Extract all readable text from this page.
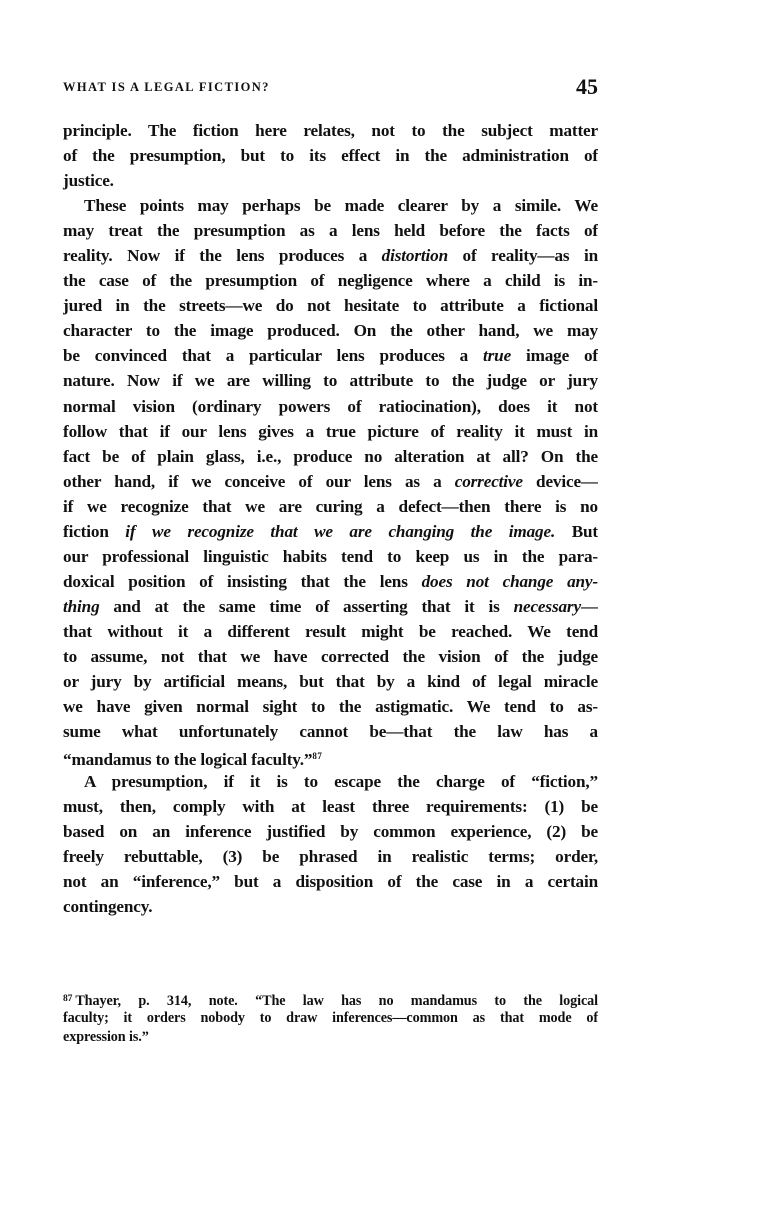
WHAT IS A LEGAL FICTION?	45
principle. The fiction here relates, not to the subject matter
of the presumption, but to its effect in the administration of
justice.
These points may perhaps be made clearer by a simile. We
may treat the presumption as a lens held before the facts of
reality. Now if the lens produces a distortion of reality—as in
the case of the presumption of negligence where a child is in-
jured in the streets—we do not hesitate to attribute a fictional
character to the image produced. On the other hand, we may
be convinced that a particular lens produces a true image of
nature. Now if we are willing to attribute to the judge or jury
normal vision (ordinary powers of ratiocination), does it not
follow that if our lens gives a true picture of reality it must in
fact be of plain glass, i.e., produce no alteration at all? On the
other hand, if we conceive of our lens as a corrective device—
if we recognize that we are curing a defect—then there is no
fiction if we recognize that we are changing the image. But
our professional linguistic habits tend to keep us in the para-
doxical position of insisting that the lens does not change any-
thing and at the same time of asserting that it is necessary—
that without it a different result might be reached. We tend
to assume, not that we have corrected the vision of the judge
or jury by artificial means, but that by a kind of legal miracle
we have given normal sight to the astigmatic. We tend to as-
sume what unfortunately cannot be—that the law has a
“mandamus to the logical faculty.”$^{87}$
A presumption, if it is to escape the charge of “fiction,”
must, then, comply with at least three requirements: (1) be
based on an inference justified by common experience, (2) be
freely rebuttable, (3) be phrased in realistic terms; order,
not an “inference,” but a disposition of the case in a certain
contingency.
$^{87}$ Thayer, p. 314, note. “The law has no mandamus to the logical
faculty; it orders nobody to draw inferences—common as that mode of
expression is.”
